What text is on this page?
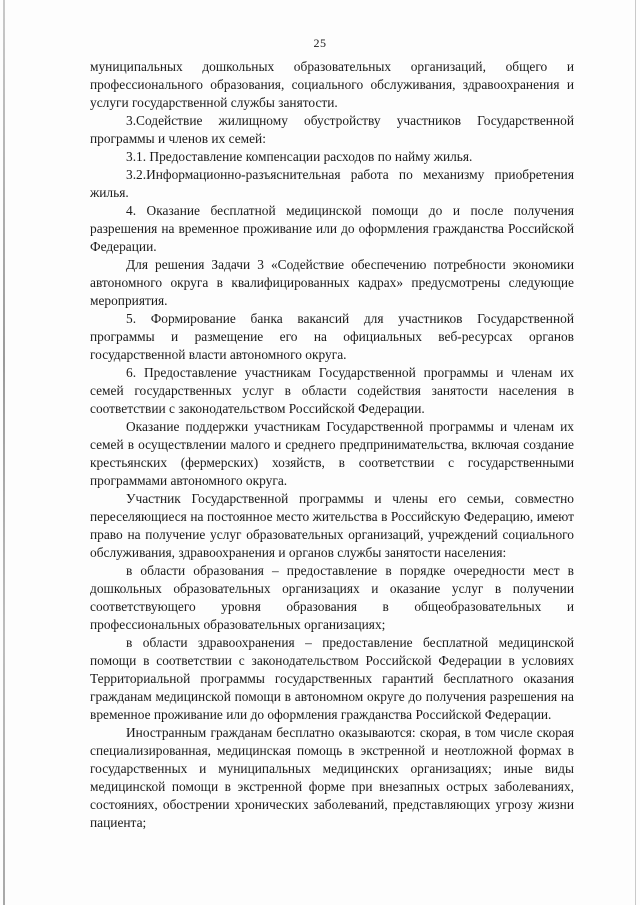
25

муниципальных дошкольных образовательных организаций, общего и профессионального образования, социального обслуживания, здравоохранения и услуги государственной службы занятости.

3.Содействие жилищному обустройству участников Государственной программы и членов их семей:

3.1. Предоставление компенсации расходов по найму жилья.

3.2.Информационно-разъяснительная работа по механизму приобретения жилья.

4. Оказание бесплатной медицинской помощи до и после получения разрешения на временное проживание или до оформления гражданства Российской Федерации.

Для решения Задачи 3 «Содействие обеспечению потребности экономики автономного округа в квалифицированных кадрах» предусмотрены следующие мероприятия.

5. Формирование банка вакансий для участников Государственной программы и размещение его на официальных веб-ресурсах органов государственной власти автономного округа.

6. Предоставление участникам Государственной программы и членам их семей государственных услуг в области содействия занятости населения в соответствии с законодательством Российской Федерации.

Оказание поддержки участникам Государственной программы и членам их семей в осуществлении малого и среднего предпринимательства, включая создание крестьянских (фермерских) хозяйств, в соответствии с государственными программами автономного округа.

Участник Государственной программы и члены его семьи, совместно переселяющиеся на постоянное место жительства в Российскую Федерацию, имеют право на получение услуг образовательных организаций, учреждений социального обслуживания, здравоохранения и органов службы занятости населения:

в области образования – предоставление в порядке очередности мест в дошкольных образовательных организациях и оказание услуг в получении соответствующего уровня образования в общеобразовательных и профессиональных образовательных организациях;

в области здравоохранения – предоставление бесплатной медицинской помощи в соответствии с законодательством Российской Федерации в условиях Территориальной программы государственных гарантий бесплатного оказания гражданам медицинской помощи в автономном округе до получения разрешения на временное проживание или до оформления гражданства Российской Федерации.

Иностранным гражданам бесплатно оказываются: скорая, в том числе скорая специализированная, медицинская помощь в экстренной и неотложной формах в государственных и муниципальных медицинских организациях; иные виды медицинской помощи в экстренной форме при внезапных острых заболеваниях, состояниях, обострении хронических заболеваний, представляющих угрозу жизни пациента;
